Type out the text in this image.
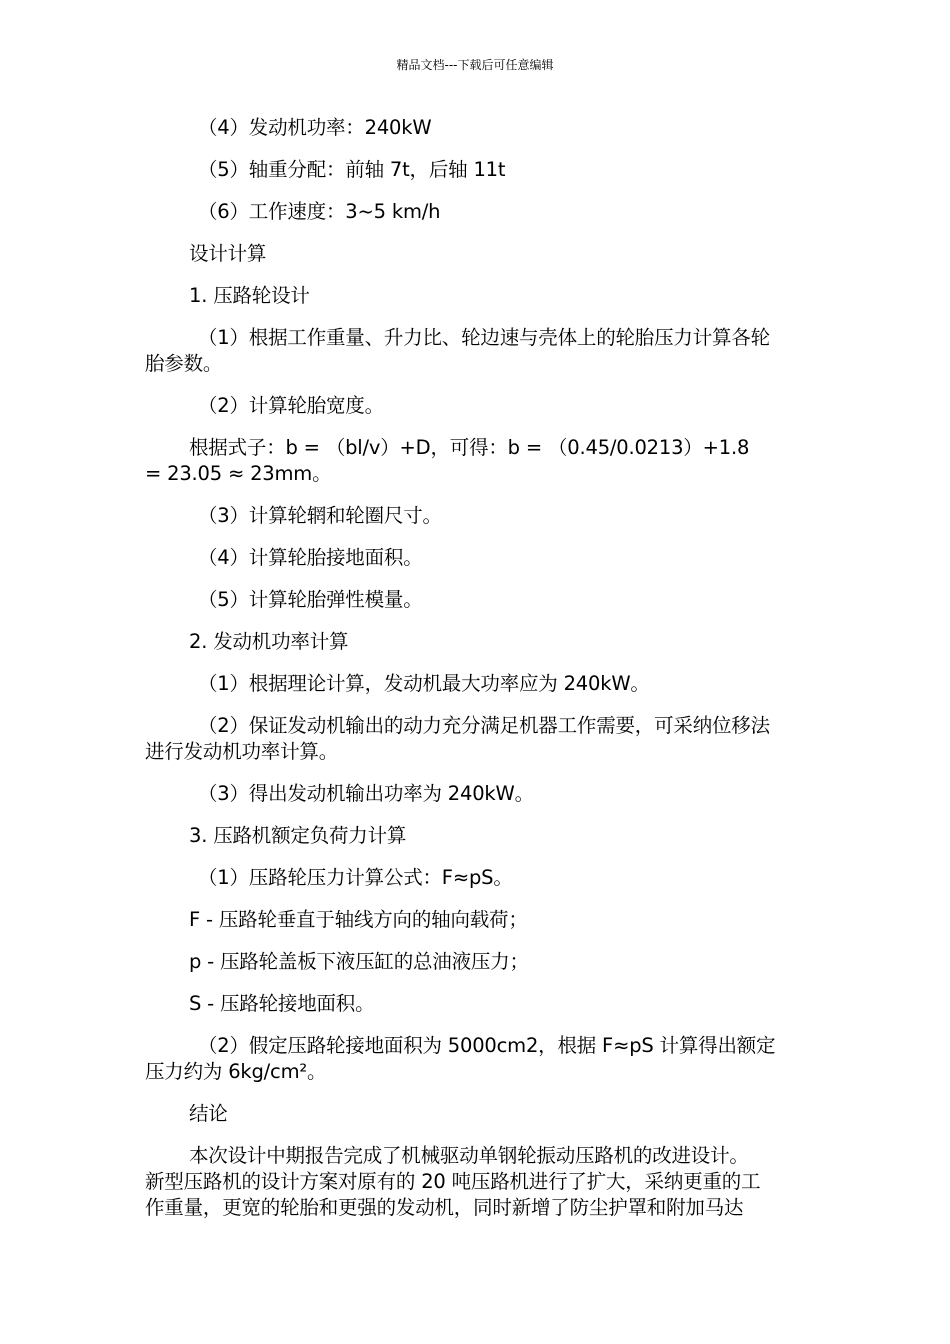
精品文档---下载后可任意编辑
（4）发动机功率：240kW
（5）轴重分配：前轴 7t，后轴 11t
（6）工作速度：3~5 km/h
设计计算
1. 压路轮设计
（1）根据工作重量、升力比、轮边速与壳体上的轮胎压力计算各轮
胎参数。
（2）计算轮胎宽度。
根据式子：b = （bl/v）+D，可得：b = （0.45/0.0213）+1.8
= 23.05 ≈ 23mm。
（3）计算轮辋和轮圈尺寸。
（4）计算轮胎接地面积。
（5）计算轮胎弹性模量。
2. 发动机功率计算
（1）根据理论计算，发动机最大功率应为 240kW。
（2）保证发动机输出的动力充分满足机器工作需要，可采纳位移法
进行发动机功率计算。
（3）得出发动机输出功率为 240kW。
3. 压路机额定负荷力计算
（1）压路轮压力计算公式：F≈pS。
F - 压路轮垂直于轴线方向的轴向载荷；
p - 压路轮盖板下液压缸的总油液压力；
S - 压路轮接地面积。
（2）假定压路轮接地面积为 5000cm2，根据 F≈pS 计算得出额定
压力约为 6kg/cm²。
结论
本次设计中期报告完成了机械驱动单钢轮振动压路机的改进设计。
新型压路机的设计方案对原有的 20 吨压路机进行了扩大，采纳更重的工
作重量，更宽的轮胎和更强的发动机，同时新增了防尘护罩和附加马达
